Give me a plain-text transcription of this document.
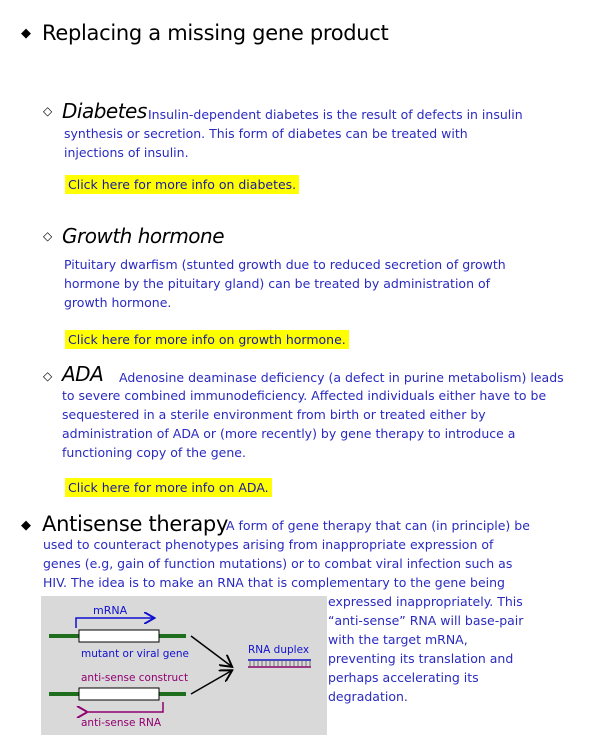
◆ Replacing a missing gene product
◇ Diabetes Insulin-dependent diabetes is the result of defects in insulin
synthesis or secretion. This form of diabetes can be treated with
injections of insulin.
Click here for more info on diabetes.
◇ Growth hormone
Pituitary dwarfism (stunted growth due to reduced secretion of growth
hormone by the pituitary gland) can be treated by administration of
growth hormone.
Click here for more info on growth hormone.
◇ ADA Adenosine deaminase deficiency (a defect in purine metabolism) leads
to severe combined immunodeficiency. Affected individuals either have to be
sequestered in a sterile environment from birth or treated either by
administration of ADA or (more recently) by gene therapy to introduce a
functioning copy of the gene.
Click here for more info on ADA.
◆ Antisense therapy
A form of gene therapy that can (in principle) be
used to counteract phenotypes arising from inappropriate expression of
genes (e.g, gain of function mutations) or to combat viral infection such as
HIV. The idea is to make an RNA that is complementary to the gene being
expressed inappropriately. This
“anti-sense” RNA will base-pair
with the target mRNA,
preventing its translation and
perhaps accelerating its
degradation.
mRNA
mutant or viral gene
anti-sense construct
anti-sense RNA
RNA duplex
